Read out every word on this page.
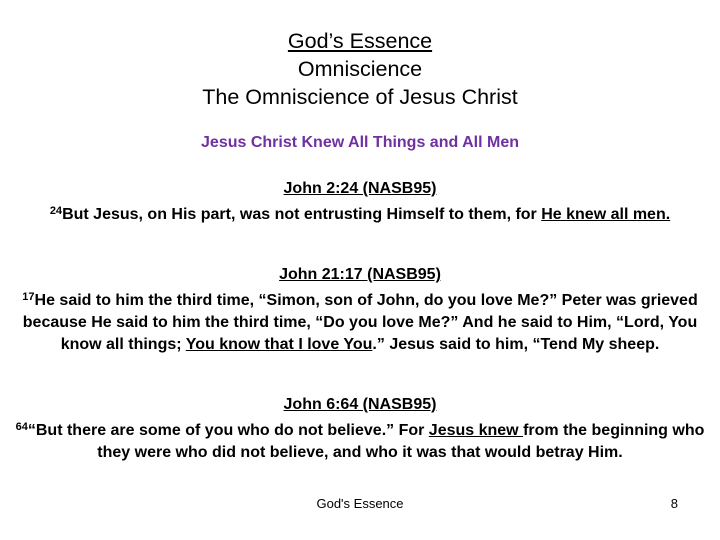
God’s Essence

Omniscience

The Omniscience of Jesus Christ

Jesus Christ Knew All Things and All Men

John 2:24 (NASB95)
$^{24}$But Jesus, on His part, was not entrusting Himself to them, for He knew all men.

John 21:17 (NASB95)
$^{17}$He said to him the third time, “Simon, son of John, do you love Me?” Peter was grieved because He said to him the third time, “Do you love Me?” And he said to Him, “Lord, You know all things; You know that I love You.” Jesus said to him, “Tend My sheep.

John 6:64 (NASB95)
$^{64}$“But there are some of you who do not believe.” For Jesus knew from the beginning who they were who did not believe, and who it was that would betray Him.

God's Essence	8
